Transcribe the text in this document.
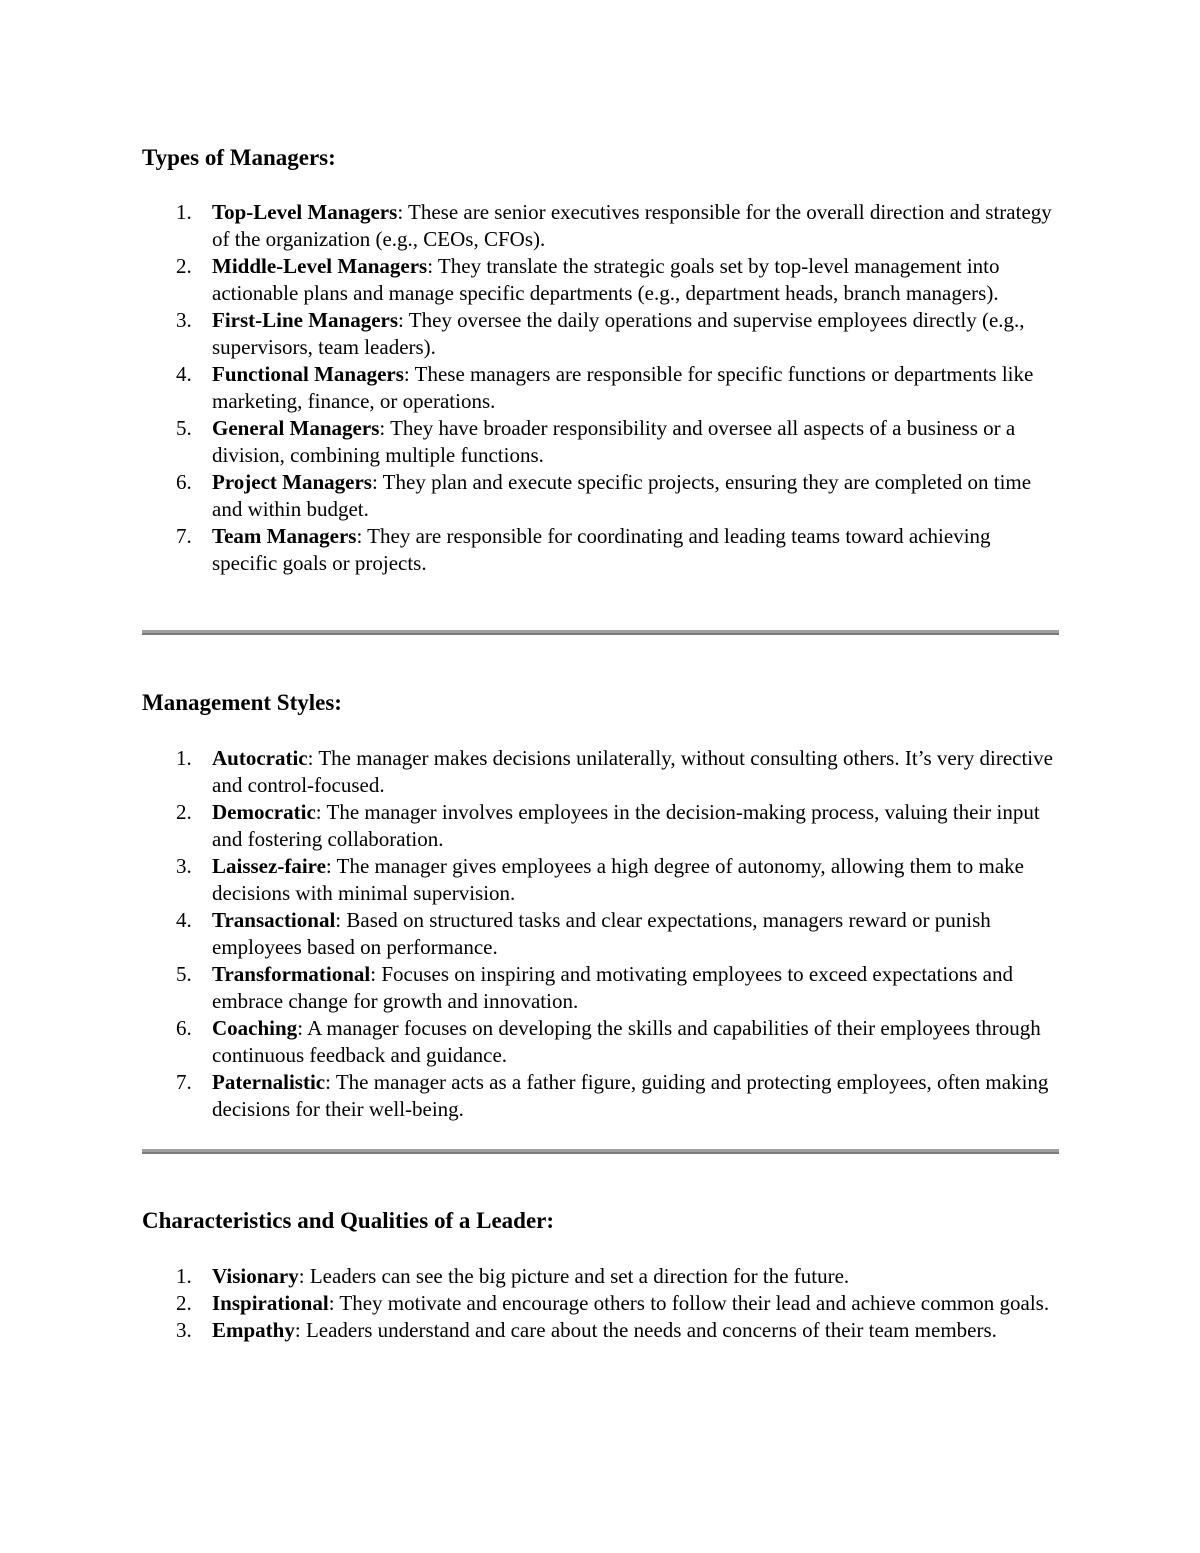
Types of Managers:
1. Top-Level Managers: These are senior executives responsible for the overall direction and strategy of the organization (e.g., CEOs, CFOs).
2. Middle-Level Managers: They translate the strategic goals set by top-level management into actionable plans and manage specific departments (e.g., department heads, branch managers).
3. First-Line Managers: They oversee the daily operations and supervise employees directly (e.g., supervisors, team leaders).
4. Functional Managers: These managers are responsible for specific functions or departments like marketing, finance, or operations.
5. General Managers: They have broader responsibility and oversee all aspects of a business or a division, combining multiple functions.
6. Project Managers: They plan and execute specific projects, ensuring they are completed on time and within budget.
7. Team Managers: They are responsible for coordinating and leading teams toward achieving specific goals or projects.
Management Styles:
1. Autocratic: The manager makes decisions unilaterally, without consulting others. It’s very directive and control-focused.
2. Democratic: The manager involves employees in the decision-making process, valuing their input and fostering collaboration.
3. Laissez-faire: The manager gives employees a high degree of autonomy, allowing them to make decisions with minimal supervision.
4. Transactional: Based on structured tasks and clear expectations, managers reward or punish employees based on performance.
5. Transformational: Focuses on inspiring and motivating employees to exceed expectations and embrace change for growth and innovation.
6. Coaching: A manager focuses on developing the skills and capabilities of their employees through continuous feedback and guidance.
7. Paternalistic: The manager acts as a father figure, guiding and protecting employees, often making decisions for their well-being.
Characteristics and Qualities of a Leader:
1. Visionary: Leaders can see the big picture and set a direction for the future.
2. Inspirational: They motivate and encourage others to follow their lead and achieve common goals.
3. Empathy: Leaders understand and care about the needs and concerns of their team members.
